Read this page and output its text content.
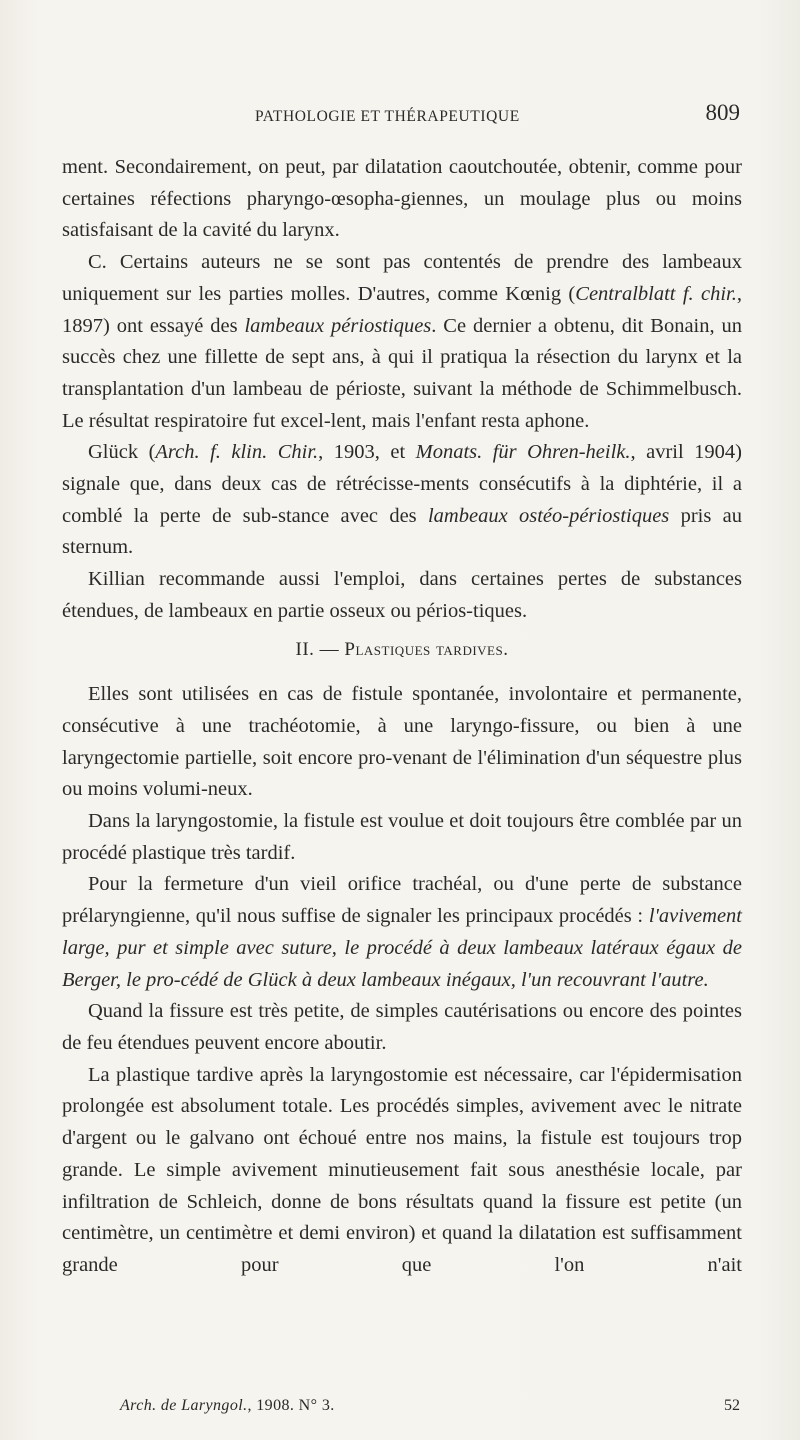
PATHOLOGIE ET THÉRAPEUTIQUE	809

ment. Secondairement, on peut, par dilatation caoutchoutée, obtenir, comme pour certaines réfections pharyngo-œsopha-giennes, un moulage plus ou moins satisfaisant de la cavité du larynx.

C. Certains auteurs ne se sont pas contentés de prendre des lambeaux uniquement sur les parties molles. D'autres, comme Kœnig (Centralblatt f. chir., 1897) ont essayé des lambeaux périostiques. Ce dernier a obtenu, dit Bonain, un succès chez une fillette de sept ans, à qui il pratiqua la résection du larynx et la transplantation d'un lambeau de périoste, suivant la méthode de Schimmelbusch. Le résultat respiratoire fut excel-lent, mais l'enfant resta aphone.

Glück (Arch. f. klin. Chir., 1903, et Monats. für Ohren-heilk., avril 1904) signale que, dans deux cas de rétrécisse-ments consécutifs à la diphtérie, il a comblé la perte de sub-stance avec des lambeaux ostéo-périostiques pris au sternum.

Killian recommande aussi l'emploi, dans certaines pertes de substances étendues, de lambeaux en partie osseux ou périos-tiques.

II. — Plastiques tardives.

Elles sont utilisées en cas de fistule spontanée, involontaire et permanente, consécutive à une trachéotomie, à une laryngo-fissure, ou bien à une laryngectomie partielle, soit encore pro-venant de l'élimination d'un séquestre plus ou moins volumi-neux.

Dans la laryngostomie, la fistule est voulue et doit toujours être comblée par un procédé plastique très tardif.

Pour la fermeture d'un vieil orifice trachéal, ou d'une perte de substance prélaryngienne, qu'il nous suffise de signaler les principaux procédés : l'avivement large, pur et simple avec suture, le procédé à deux lambeaux latéraux égaux de Berger, le pro-cédé de Glück à deux lambeaux inégaux, l'un recouvrant l'autre.

Quand la fissure est très petite, de simples cautérisations ou encore des pointes de feu étendues peuvent encore aboutir.

La plastique tardive après la laryngostomie est nécessaire, car l'épidermisation prolongée est absolument totale. Les procédés simples, avivement avec le nitrate d'argent ou le galvano ont échoué entre nos mains, la fistule est toujours trop grande. Le simple avivement minutieusement fait sous anesthésie locale, par infiltration de Schleich, donne de bons résultats quand la fissure est petite (un centimètre, un centimètre et demi environ) et quand la dilatation est suffisamment grande pour que l'on n'ait

Arch. de Laryngol., 1908. N° 3.	52
